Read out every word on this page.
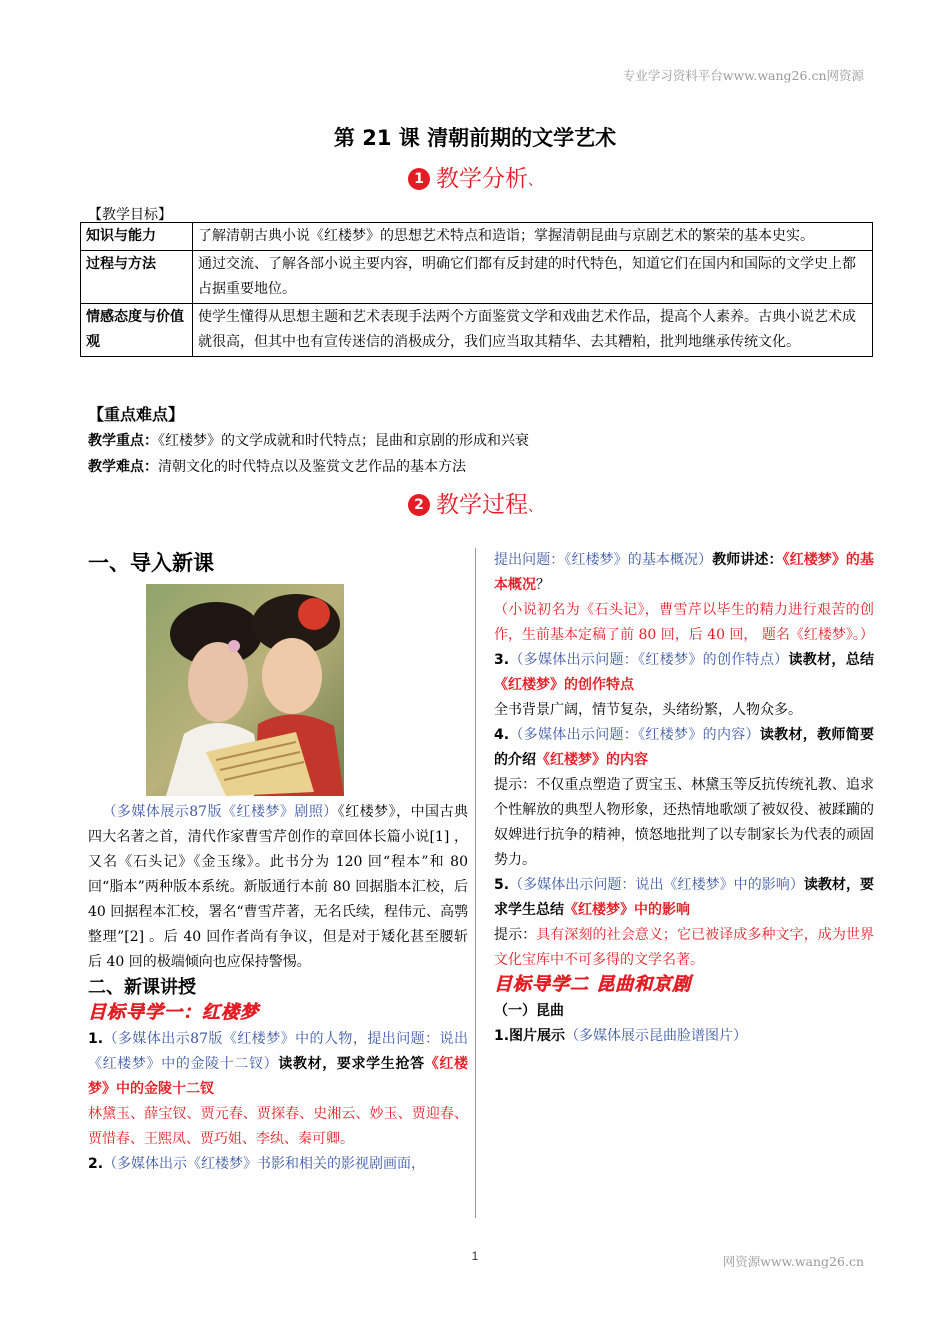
专业学习资料平台www.wang26.cn网资源
第 21 课 清朝前期的文学艺术
1 教学分析、
【教学目标】
知识与能力	了解清朝古典小说《红楼梦》的思想艺术特点和造诣；掌握清朝昆曲与京剧艺术的繁荣的基本史实。
过程与方法	通过交流、了解各部小说主要内容，明确它们都有反封建的时代特色，知道它们在国内和国际的文学史上都占据重要地位。
情感态度与价值观	使学生懂得从思想主题和艺术表现手法两个方面鉴赏文学和戏曲艺术作品，提高个人素养。古典小说艺术成就很高，但其中也有宣传迷信的消极成分，我们应当取其精华、去其糟粕，批判地继承传统文化。
【重点难点】
教学重点：《红楼梦》的文学成就和时代特点；昆曲和京剧的形成和兴衰
教学难点：清朝文化的时代特点以及鉴赏文艺作品的基本方法
2 教学过程、
一、导入新课
 （多媒体展示87版《红楼梦》剧照）《红楼梦》，中国古典四大名著之首，清代作家曹雪芹创作的章回体长篇小说[1] ，又名《石头记》《金玉缘》。此书分为 120 回“程本”和 80 回“脂本”两种版本系统。新版通行本前 80 回据脂本汇校，后 40 回据程本汇校，署名“曹雪芹著，无名氏续，程伟元、高鹗整理”[2] 。后 40 回作者尚有争议，但是对于矮化甚至腰斩后 40 回的极端倾向也应保持警惕。
二、新课讲授
目标导学一：红楼梦
1.（多媒体出示87版《红楼梦》中的人物，提出问题：说出《红楼梦》中的金陵十二钗）读教材，要求学生抢答《红楼梦》中的金陵十二钗
林黛玉、薛宝钗、贾元春、贾探春、史湘云、妙玉、贾迎春、贾惜春、王熙凤、贾巧姐、李纨、秦可卿。
2.（多媒体出示《红楼梦》书影和相关的影视剧画面，
提出问题：《红楼梦》的基本概况）教师讲述：《红楼梦》的基本概况？
（小说初名为《石头记》，曹雪芹以毕生的精力进行艰苦的创作，生前基本定稿了前 80 回，后 40 回， 题名《红楼梦》。）
3.（多媒体出示问题：《红楼梦》的创作特点）读教材，总结《红楼梦》的创作特点
全书背景广阔，情节复杂，头绪纷繁，人物众多。
4.（多媒体出示问题：《红楼梦》的内容）读教材，教师简要的介绍《红楼梦》的内容
提示：不仅重点塑造了贾宝玉、林黛玉等反抗传统礼教、追求个性解放的典型人物形象，还热情地歌颂了被奴役、被蹂躏的奴婢进行抗争的精神，愤怒地批判了以专制家长为代表的顽固势力。
5.（多媒体出示问题：说出《红楼梦》中的影响）读教材，要求学生总结《红楼梦》中的影响
提示：具有深刻的社会意义；它已被译成多种文字，成为世界文化宝库中不可多得的文学名著。
目标导学二 昆曲和京剧
（一）昆曲
1.图片展示（多媒体展示昆曲脸谱图片）
1	网资源www.wang26.cn
